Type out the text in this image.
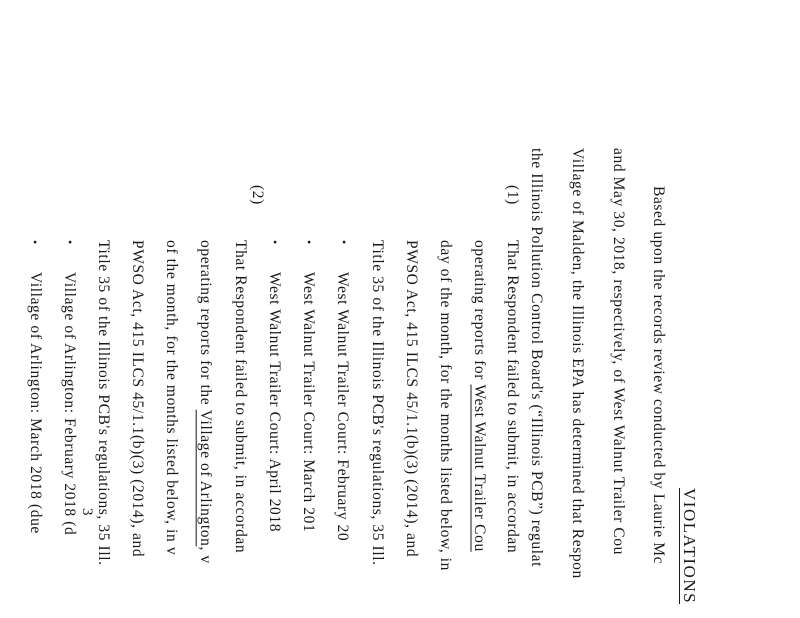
VIOLATIONS
Based upon the records review conducted by Laurie Mc
and May 30, 2018, respectively, of West Walnut Trailer Cou
Village of Malden, the Illinois EPA has determined that Respon
the Illinois Pollution Control Board's (“Illinois PCB”) regulat
(1)
That Respondent failed to submit, in accordan
operating reports for West Walnut Trailer Cou
day of the month, for the months listed below, in
PWSO Act, 415 ILCS 45/1.1(b)(3) (2014), and
Title 35 of the Illinois PCB's regulations, 35 Ill.
•
West Walnut Trailer Court: February 20
•
West Walnut Trailer Court: March 201
•
West Walnut Trailer Court: April 2018
(2)
That Respondent failed to submit, in accordan
operating reports for the Village of Arlington, v
of the month, for the months listed below, in v
PWSO Act, 415 ILCS 45/1.1(b)(3) (2014), and
Title 35 of the Illinois PCB's regulations, 35 Ill.
•
Village of Arlington: February 2018 (d
•
Village of Arlington: March 2018 (due 3
